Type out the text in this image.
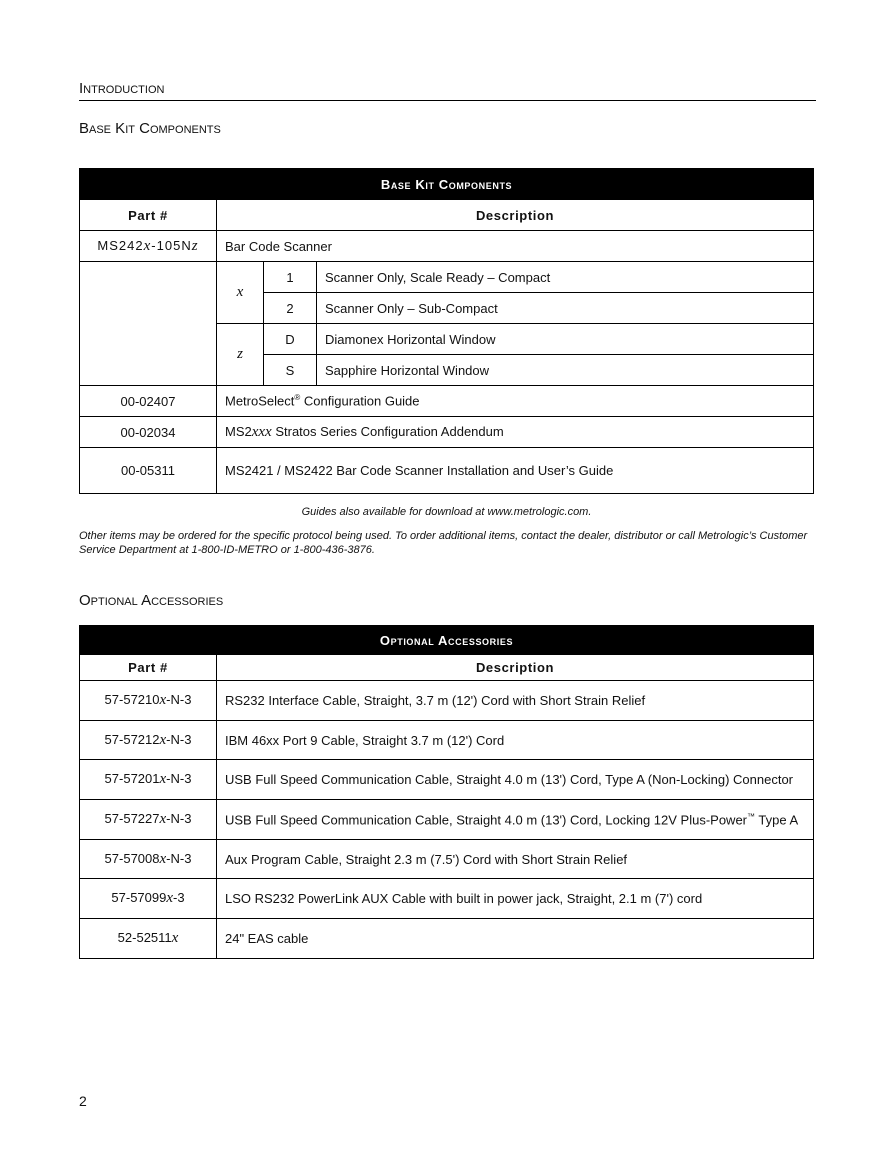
Introduction
Base Kit Components
Base Kit Components			
Part #	Description		
MS242x-105Nz	Bar Code Scanner		
	x	1	Scanner Only, Scale Ready – Compact
		2	Scanner Only – Sub-Compact
	z	D	Diamonex Horizontal Window
		S	Sapphire Horizontal Window
00-02407	MetroSelect® Configuration Guide		
00-02034	MS2xxx Stratos Series Configuration Addendum		
00-05311	MS2421 / MS2422 Bar Code Scanner Installation and User’s Guide		
Guides also available for download at www.metrologic.com.
Other items may be ordered for the specific protocol being used. To order additional items, contact the dealer, distributor or call Metrologic’s Customer Service Department at 1-800-ID-METRO or 1-800-436-3876.
Optional Accessories
Optional Accessories	
Part #	Description
57-57210x-N-3	RS232 Interface Cable, Straight, 3.7 m (12') Cord with Short Strain Relief
57-57212x-N-3	IBM 46xx Port 9 Cable, Straight 3.7 m (12') Cord
57-57201x-N-3	USB Full Speed Communication Cable, Straight 4.0 m (13') Cord, Type A (Non-Locking) Connector
57-57227x-N-3	USB Full Speed Communication Cable, Straight 4.0 m (13') Cord, Locking 12V Plus-Power™ Type A
57-57008x-N-3	Aux Program Cable, Straight 2.3 m (7.5') Cord with Short Strain Relief
57-57099x-3	LSO RS232 PowerLink AUX Cable with built in power jack, Straight, 2.1 m (7') cord
52-52511x	24" EAS cable
2
